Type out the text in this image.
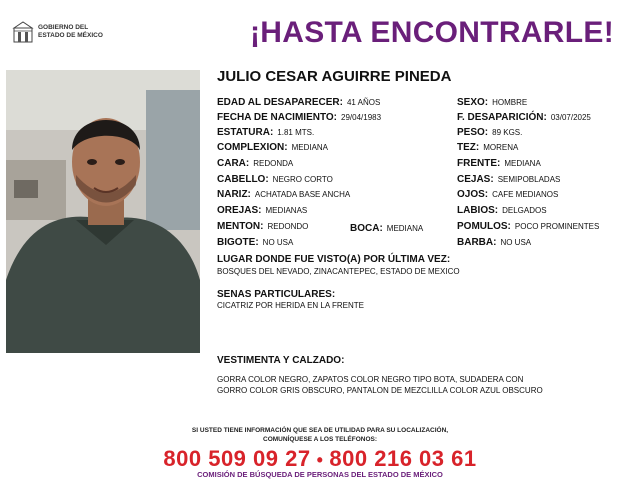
GOBIERNO DEL
ESTADO DE MÉXICO	¡HASTA ENCONTRARLE!
JULIO CESAR AGUIRRE PINEDA
EDAD AL DESAPARECER: 41 AÑOS
FECHA DE NACIMIENTO: 29/04/1983
ESTATURA: 1.81 MTS.
COMPLEXION: MEDIANA
CARA: REDONDA
CABELLO: NEGRO CORTO
NARIZ: ACHATADA BASE ANCHA
OREJAS: MEDIANAS
MENTON: REDONDO	BOCA: MEDIANA
BIGOTE: NO USA
SEXO: HOMBRE
F. DESAPARICIÓN: 03/07/2025
PESO: 89 KGS.
TEZ: MORENA
FRENTE: MEDIANA
CEJAS: SEMIPOBLADAS
OJOS: CAFE MEDIANOS
LABIOS: DELGADOS
POMULOS: POCO PROMINENTES
BARBA: NO USA
LUGAR DONDE FUE VISTO(A) POR ÚLTIMA VEZ:
BOSQUES DEL NEVADO, ZINACANTEPEC, ESTADO DE MEXICO
SENAS PARTICULARES:
CICATRIZ POR HERIDA EN LA FRENTE
VESTIMENTA Y CALZADO:
GORRA COLOR NEGRO, ZAPATOS COLOR NEGRO TIPO BOTA, SUDADERA CON
GORRO COLOR GRIS OBSCURO, PANTALON DE MEZCLILLA COLOR AZUL OBSCURO
SI USTED TIENE INFORMACIÓN QUE SEA DE UTILIDAD PARA SU LOCALIZACIÓN,
COMUNÍQUESE A LOS TELÉFONOS:
800 509 09 27 • 800 216 03 61
COMISIÓN DE BÚSQUEDA DE PERSONAS DEL ESTADO DE MÉXICO
